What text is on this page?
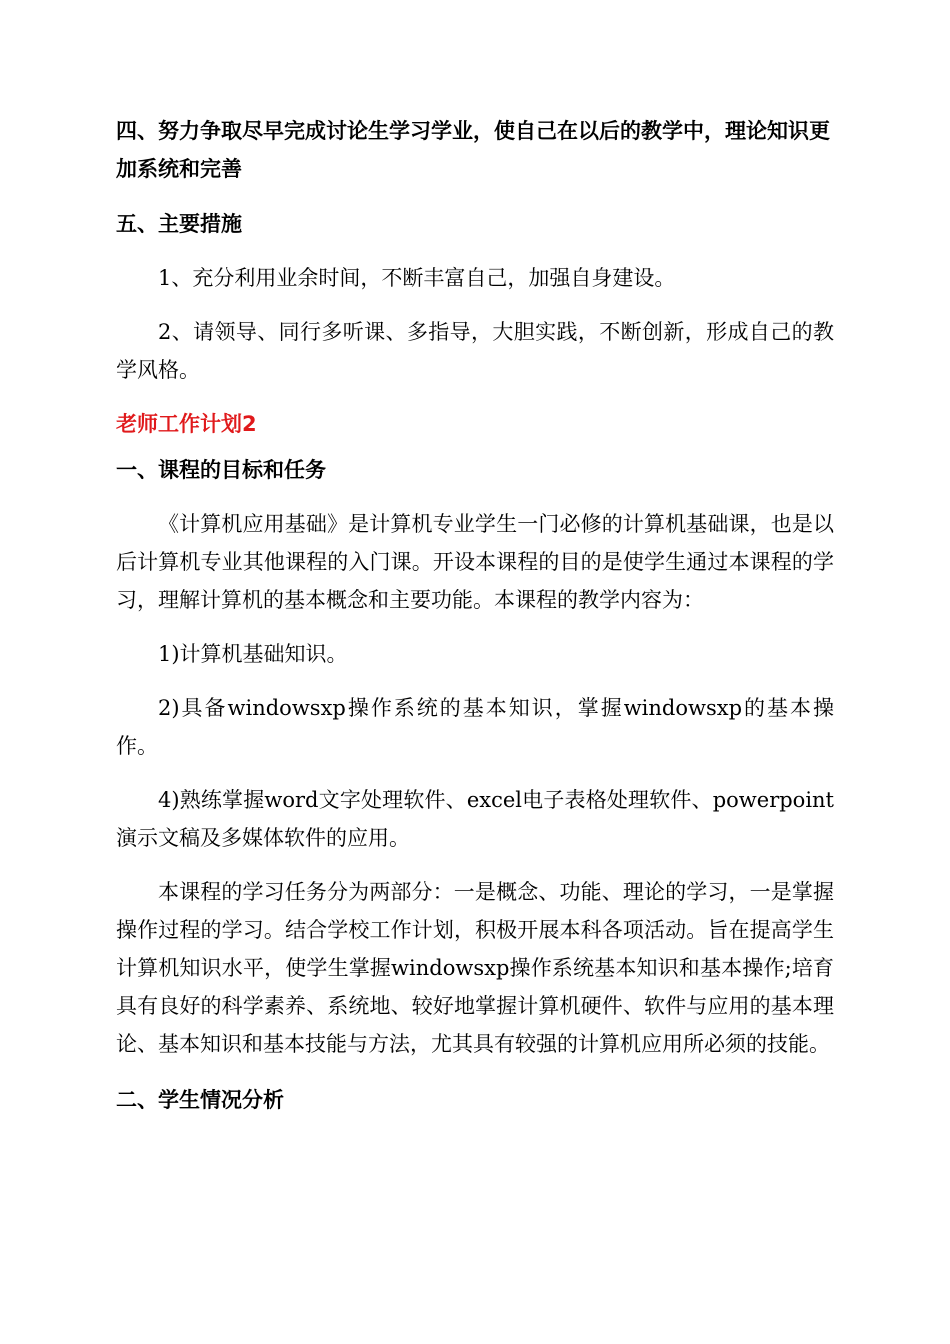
四、努力争取尽早完成讨论生学习学业，使自己在以后的教学中，理论知识更加系统和完善

五、主要措施

1、充分利用业余时间，不断丰富自己，加强自身建设。

2、请领导、同行多听课、多指导，大胆实践，不断创新，形成自己的教学风格。

老师工作计划2

一、课程的目标和任务

《计算机应用基础》是计算机专业学生一门必修的计算机基础课，也是以后计算机专业其他课程的入门课。开设本课程的目的是使学生通过本课程的学习，理解计算机的基本概念和主要功能。本课程的教学内容为：

1)计算机基础知识。

2)具备windowsxp操作系统的基本知识，掌握windowsxp的基本操作。

4)熟练掌握word文字处理软件、excel电子表格处理软件、powerpoint演示文稿及多媒体软件的应用。

本课程的学习任务分为两部分：一是概念、功能、理论的学习，一是掌握操作过程的学习。结合学校工作计划，积极开展本科各项活动。旨在提高学生计算机知识水平，使学生掌握windowsxp操作系统基本知识和基本操作;培育具有良好的科学素养、系统地、较好地掌握计算机硬件、软件与应用的基本理论、基本知识和基本技能与方法，尤其具有较强的计算机应用所必须的技能。

二、学生情况分析
